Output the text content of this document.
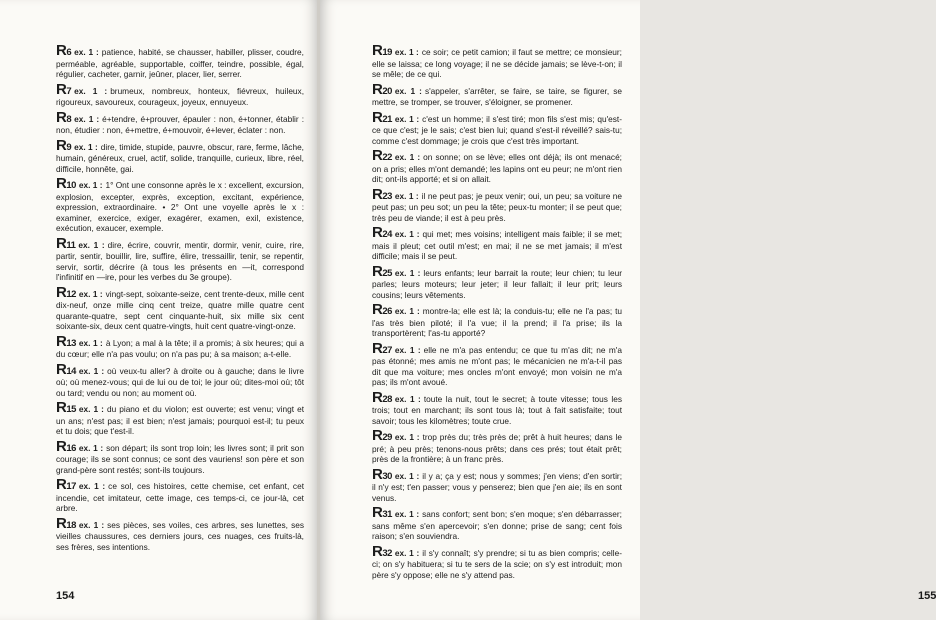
R6 ex. 1 : patience, habité, se chausser, habiller, plisser, coudre, perméable, agréable, supportable, coiffer, teindre, possible, égal, régulier, cacheter, garnir, jeûner, placer, lier, serrer.

R7 ex. 1 : brumeux, nombreux, honteux, fiévreux, huileux, rigoureux, savoureux, courageux, joyeux, ennuyeux.

R8 ex. 1 : é+tendre, é+prouver, épauler : non, é+tonner, établir : non, étudier : non, é+mettre, é+mouvoir, é+lever, éclater : non.

R9 ex. 1 : dire, timide, stupide, pauvre, obscur, rare, ferme, lâche, humain, généreux, cruel, actif, solide, tranquille, curieux, libre, réel, difficile, honnête, gai.

R10 ex. 1 : 1° Ont une consonne après le x : excellent, excursion, explosion, excepter, exprès, exception, excitant, expérience, expression, extraordinaire. • 2° Ont une voyelle après le x : examiner, exercice, exiger, exagérer, examen, exil, existence, exécution, exaucer, exemple.

R11 ex. 1 : dire, écrire, couvrir, mentir, dormir, venir, cuire, rire, partir, sentir, bouillir, lire, suffire, élire, tressaillir, tenir, se repentir, servir, sortir, décrire (à tous les présents en —it, correspond l'infinitif en —ire, pour les verbes du 3e groupe).

R12 ex. 1 : vingt-sept, soixante-seize, cent trente-deux, mille cent dix-neuf, onze mille cinq cent treize, quatre mille quatre cent quarante-quatre, sept cent cinquante-huit, six mille six cent soixante-six, deux cent quatre-vingts, huit cent quatre-vingt-onze.

R13 ex. 1 : à Lyon; a mal à la tête; il a promis; à six heures; qui a du cœur; elle n'a pas voulu; on n'a pas pu; à sa maison; a-t-elle.

R14 ex. 1 : où veux-tu aller? à droite ou à gauche; dans le livre où; où menez-vous; qui de lui ou de toi; le jour où; dites-moi où; tôt ou tard; vendu ou non; au moment où.

R15 ex. 1 : du piano et du violon; est ouverte; est venu; vingt et un ans; n'est pas; il est bien; n'est jamais; pourquoi est-il; tu peux et tu dois; que t'est-il.

R16 ex. 1 : son départ; ils sont trop loin; les livres sont; il prit son courage; ils se sont connus; ce sont des vauriens! son père et son grand-père sont restés; sont-ils toujours.

R17 ex. 1 : ce sol, ces histoires, cette chemise, cet enfant, cet incendie, cet imitateur, cette image, ces temps-ci, ce jour-là, cet arbre.

R18 ex. 1 : ses pièces, ses voiles, ces arbres, ses lunettes, ses vieilles chaussures, ces derniers jours, ces nuages, ces fruits-là, ses frères, ses intentions.

154	155

R19 ex. 1 : ce soir; ce petit camion; il faut se mettre; ce monsieur; elle se laissa; ce long voyage; il ne se décide jamais; se lève-t-on; il se mêle; de ce qui.

R20 ex. 1 : s'appeler, s'arrêter, se faire, se taire, se figurer, se mettre, se tromper, se trouver, s'éloigner, se promener.

R21 ex. 1 : c'est un homme; il s'est tiré; mon fils s'est mis; qu'est-ce que c'est; je le sais; c'est bien lui; quand s'est-il réveillé? sais-tu; comme c'est dommage; je crois que c'est très important.

R22 ex. 1 : on sonne; on se lève; elles ont déjà; ils ont menacé; on a pris; elles m'ont demandé; les lapins ont eu peur; ne m'ont rien dit; ont-ils apporté; et si on allait.

R23 ex. 1 : il ne peut pas; je peux venir; oui, un peu; sa voiture ne peut pas; un peu sot; un peu la tête; peux-tu monter; il se peut que; très peu de viande; il est à peu près.

R24 ex. 1 : qui met; mes voisins; intelligent mais faible; il se met; mais il pleut; cet outil m'est; en mai; il ne se met jamais; il m'est difficile; mais il se peut.

R25 ex. 1 : leurs enfants; leur barrait la route; leur chien; tu leur parles; leurs moteurs; leur jeter; il leur fallait; il leur prit; leurs cousins; leurs vêtements.

R26 ex. 1 : montre-la; elle est là; la conduis-tu; elle ne l'a pas; tu l'as très bien piloté; il l'a vue; il la prend; il l'a prise; ils la transportèrent; l'as-tu apporté?

R27 ex. 1 : elle ne m'a pas entendu; ce que tu m'as dit; ne m'a pas étonné; mes amis ne m'ont pas; le mécanicien ne m'a-t-il pas dit que ma voiture; mes oncles m'ont envoyé; mon voisin ne m'a pas; ils m'ont avoué.

R28 ex. 1 : toute la nuit, tout le secret; à toute vitesse; tous les trois; tout en marchant; ils sont tous là; tout à fait satisfaite; tout savoir; tous les kilomètres; toute crue.

R29 ex. 1 : trop près du; très près de; prêt à huit heures; dans le pré; à peu près; tenons-nous prêts; dans ces prés; tout était prêt; près de la frontière; à un franc près.

R30 ex. 1 : il y a; ça y est; nous y sommes; j'en viens; d'en sortir; il n'y est; t'en passer; vous y penserez; bien que j'en aie; ils en sont venus.

R31 ex. 1 : sans confort; sent bon; s'en moque; s'en débarrasser; sans même s'en apercevoir; s'en donne; prise de sang; cent fois raison; s'en souviendra.

R32 ex. 1 : il s'y connaît; s'y prendre; si tu as bien compris; celle-ci; on s'y habituera; si tu te sers de la scie; on s'y est introduit; mon père s'y oppose; elle ne s'y attend pas.
